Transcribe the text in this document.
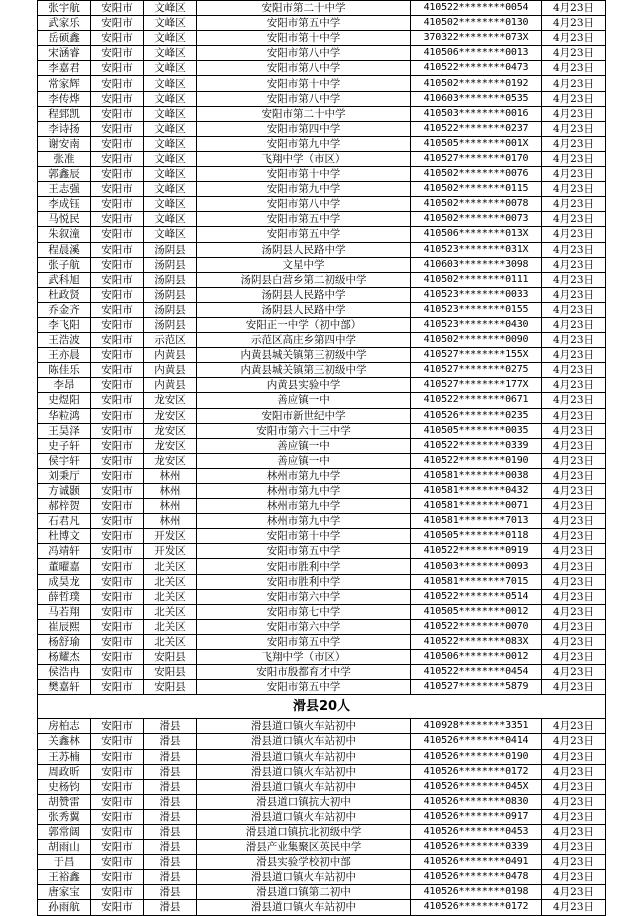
张宇航	安阳市	文峰区	安阳市第二十中学	410522********0054	4月23日
武家乐	安阳市	文峰区	安阳市第五中学	410502********0130	4月23日
岳硕鑫	安阳市	文峰区	安阳市第十中学	370322********073X	4月23日
宋涵睿	安阳市	文峰区	安阳市第八中学	410506********0013	4月23日
李嘉君	安阳市	文峰区	安阳市第八中学	410522********0473	4月23日
常家辉	安阳市	文峰区	安阳市第十中学	410502********0192	4月23日
李传烨	安阳市	文峰区	安阳市第八中学	410603********0535	4月23日
程郅凯	安阳市	文峰区	安阳市第二十中学	410503********0016	4月23日
李诗扬	安阳市	文峰区	安阳市第四中学	410522********0237	4月23日
谢安南	安阳市	文峰区	安阳市第九中学	410505********001X	4月23日
张准	安阳市	文峰区	飞翔中学（市区）	410527********0170	4月23日
郭鑫辰	安阳市	文峰区	安阳市第十中学	410502********0076	4月23日
王志强	安阳市	文峰区	安阳市第九中学	410502********0115	4月23日
李成钰	安阳市	文峰区	安阳市第八中学	410502********0078	4月23日
马悦民	安阳市	文峰区	安阳市第五中学	410502********0073	4月23日
朱叙潼	安阳市	文峰区	安阳市第五中学	410506********013X	4月23日
程晨溪	安阳市	汤阴县	汤阴县人民路中学	410523********031X	4月23日
张子航	安阳市	汤阴县	文星中学	410603********3098	4月23日
武科旭	安阳市	汤阴县	汤阴县白营乡第二初级中学	410502********0111	4月23日
杜政贤	安阳市	汤阴县	汤阴县人民路中学	410523********0033	4月23日
乔金齐	安阳市	汤阴县	汤阴县人民路中学	410523********0155	4月23日
李飞阳	安阳市	汤阴县	安阳正一中学（初中部）	410523********0430	4月23日
王浩波	安阳市	示范区	示范区高庄乡第四中学	410502********0090	4月23日
王亦晨	安阳市	内黄县	内黄县城关镇第三初级中学	410527********155X	4月23日
陈佳乐	安阳市	内黄县	内黄县城关镇第三初级中学	410527********0275	4月23日
李昂	安阳市	内黄县	内黄县实验中学	410527********177X	4月23日
史煜阳	安阳市	龙安区	善应镇一中	410522********0671	4月23日
华粒鸿	安阳市	龙安区	安阳市新世纪中学	410526********0235	4月23日
王昊泽	安阳市	龙安区	安阳市第六十三中学	410505********0035	4月23日
史子轩	安阳市	龙安区	善应镇一中	410522********0339	4月23日
侯宇轩	安阳市	龙安区	善应镇一中	410522********0190	4月23日
刘秉厅	安阳市	林州	林州市第九中学	410581********0038	4月23日
方诚颢	安阳市	林州	林州市第九中学	410581********0432	4月23日
郝梓贺	安阳市	林州	林州市第九中学	410581********0071	4月23日
石君凡	安阳市	林州	林州市第九中学	410581********7013	4月23日
杜博文	安阳市	开发区	安阳市第十中学	410505********0118	4月23日
冯靖轩	安阳市	开发区	安阳市第五中学	410522********0919	4月23日
董曜嘉	安阳市	北关区	安阳市胜利中学	410503********0093	4月23日
成昊龙	安阳市	北关区	安阳市胜利中学	410581********7015	4月23日
薛哲璞	安阳市	北关区	安阳市第六中学	410522********0514	4月23日
马若翔	安阳市	北关区	安阳市第七中学	410505********0012	4月23日
崔辰熙	安阳市	北关区	安阳市第六中学	410522********0070	4月23日
杨舒瑜	安阳市	北关区	安阳市第五中学	410522********083X	4月23日
杨耀杰	安阳市	安阳县	飞翔中学（市区）	410506********0012	4月23日
侯浩冉	安阳市	安阳县	安阳市殷都育才中学	410522********0454	4月23日
樊嘉轩	安阳市	安阳县	安阳市第五中学	410527********5879	4月23日
滑县20人					
房柏志	安阳市	滑县	滑县道口镇火车站初中	410928********3351	4月23日
关鑫林	安阳市	滑县	滑县道口镇火车站初中	410526********0414	4月23日
王苏楠	安阳市	滑县	滑县道口镇火车站初中	410526********0190	4月23日
周政昕	安阳市	滑县	滑县道口镇火车站初中	410526********0172	4月23日
史杨钧	安阳市	滑县	滑县道口镇火车站初中	410526********045X	4月23日
胡赞雷	安阳市	滑县	滑县道口镇抗大初中	410526********0830	4月23日
张秀翼	安阳市	滑县	滑县道口镇火车站初中	410526********0917	4月23日
郭常阔	安阳市	滑县	滑县道口镇抗北初级中学	410526********0453	4月23日
胡雨山	安阳市	滑县	滑县产业集聚区英民中学	410526********0339	4月23日
于昌	安阳市	滑县	滑县实验学校初中部	410526********0491	4月23日
王裕鑫	安阳市	滑县	滑县道口镇火车站初中	410526********0478	4月23日
唐家宝	安阳市	滑县	滑县道口镇第二初中	410526********0198	4月23日
孙雨航	安阳市	滑县	滑县道口镇火车站初中	410526********0172	4月23日
